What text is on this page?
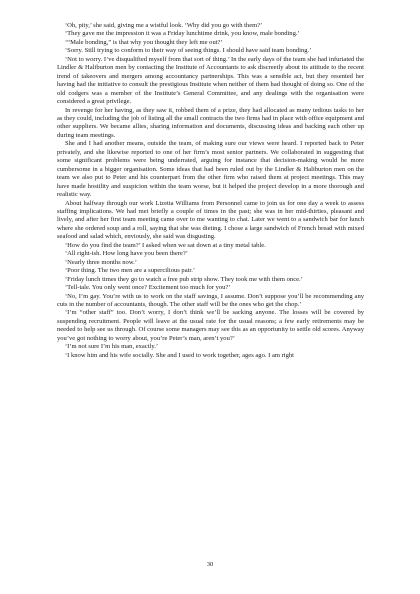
‘Oh, pity,’ she said, giving me a wistful look. ‘Why did you go with them?’

‘They gave me the impression it was a Friday lunchtime drink, you know, male bonding.’

‘“Male bonding,” is that why you thought they left me out?’

‘Sorry. Still trying to conform to their way of seeing things. I should have said team bonding.’

‘Not to worry. I’ve disqualified myself from that sort of thing.’ In the early days of the team she had infuriated the Lindler & Haliburton men by contacting the Institute of Accountants to ask discreetly about its attitude to the recent trend of takeovers and mergers among accountancy partnerships. This was a sensible act, but they resented her having had the initiative to consult the prestigious Institute when neither of them had thought of doing so. One of the old codgers was a member of the Institute’s General Committee, and any dealings with the organisation were considered a great privilege.

In revenge for her having, as they saw it, robbed them of a prize, they had allocated as many tedious tasks to her as they could, including the job of listing all the small contracts the two firms had in place with office equipment and other suppliers. We became allies, sharing information and documents, discussing ideas and backing each other up during team meetings.

She and I had another means, outside the team, of making sure our views were heard. I reported back to Peter privately, and she likewise reported to one of her firm’s most senior partners. We collaborated in suggesting that some significant problems were being underrated, arguing for instance that decision-making would be more cumbersome in a bigger organisation. Some ideas that had been ruled out by the Lindler & Haliburton men on the team we also put to Peter and his counterpart from the other firm who raised them at project meetings. This may have made hostility and suspicion within the team worse, but it helped the project develop in a more thorough and realistic way.

About halfway through our work Lizetta Williams from Personnel came to join us for one day a week to assess staffing implications. We had met briefly a couple of times in the past; she was in her mid-thirties, pleasant and lively, and after her first team meeting came over to me wanting to chat. Later we went to a sandwich bar for lunch where she ordered soup and a roll, saying that she was dieting. I chose a large sandwich of French bread with mixed seafood and salad which, enviously, she said was disgusting.

‘How do you find the team?’ I asked when we sat down at a tiny metal table.

‘All right-ish. How long have you been there?’

‘Nearly three months now.’

‘Poor thing. The two men are a supercilious pair.’

‘Friday lunch times they go to watch a free pub strip show. They took me with them once.’

‘Tell-tale. You only went once? Excitement too much for you?’

‘No, I’m gay. You’re with us to work on the staff savings, I assume. Don’t suppose you’ll be recommending any cuts in the number of accountants, though. The other staff will be the ones who get the chop.’

‘I’m “other staff” too. Don’t worry, I don’t think we’ll be sacking anyone. The losses will be covered by suspending recruitment. People will leave at the usual rate for the usual reasons; a few early retirements may be needed to help see us through. Of course some managers may see this as an opportunity to settle old scores. Anyway you’ve got nothing to worry about, you’re Peter’s man, aren’t you?’

‘I’m not sure I’m his man, exactly.’

‘I know him and his wife socially. She and I used to work together, ages ago. I am right

30
